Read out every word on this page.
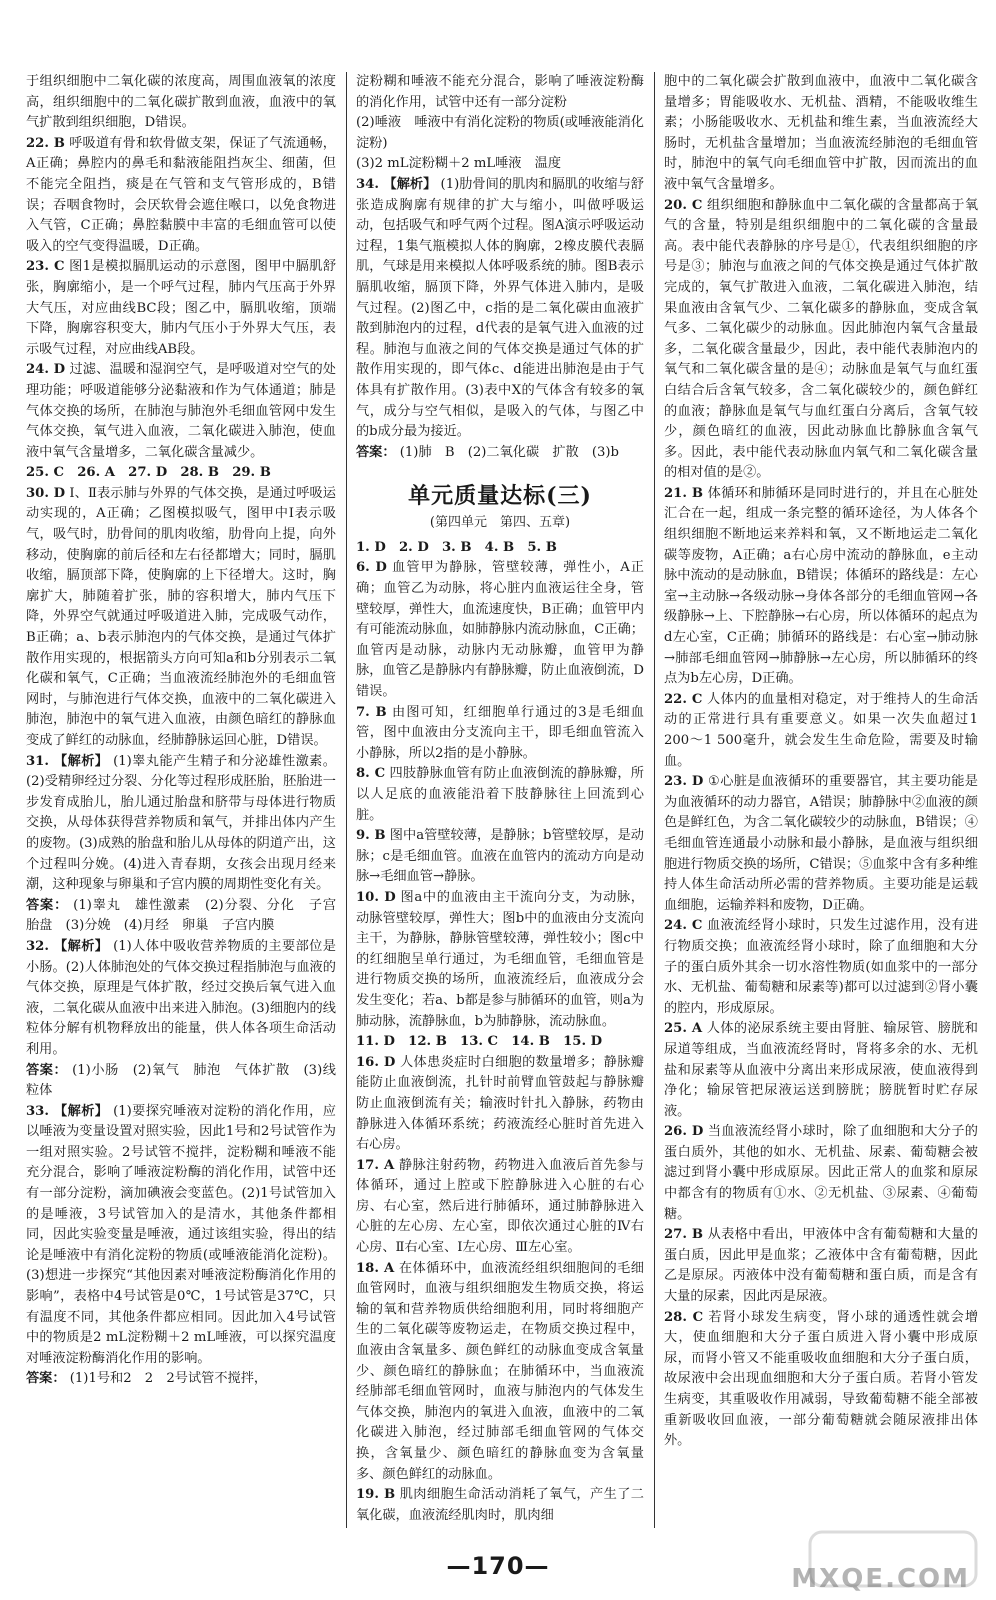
于组织细胞中二氧化碳的浓度高，周围血液氧的浓度高，组织细胞中的二氧化碳扩散到血液，血液中的氧气扩散到组织细胞，D错误。

22. B 呼吸道有骨和软骨做支架，保证了气流通畅，A正确；鼻腔内的鼻毛和黏液能阻挡灰尘、细菌，但不能完全阻挡，痰是在气管和支气管形成的，B错误；吞咽食物时，会厌软骨会遮住喉口，以免食物进入气管，C正确；鼻腔黏膜中丰富的毛细血管可以使吸入的空气变得温暖，D正确。

23. C 图1是模拟膈肌运动的示意图，图甲中膈肌舒张，胸廓缩小，是一个呼气过程，肺内气压高于外界大气压，对应曲线BC段；图乙中，膈肌收缩，顶端下降，胸廓容积变大，肺内气压小于外界大气压，表示吸气过程，对应曲线AB段。

24. D 过滤、温暖和湿润空气，是呼吸道对空气的处理功能；呼吸道能够分泌黏液和作为气体通道；肺是气体交换的场所，在肺泡与肺泡外毛细血管网中发生气体交换，氧气进入血液，二氧化碳进入肺泡，使血液中氧气含量增多，二氧化碳含量减少。

25. C　26. A　27. D　28. B　29. B

30. D Ⅰ、Ⅱ表示肺与外界的气体交换，是通过呼吸运动实现的，A正确；乙图模拟吸气，图甲中Ⅰ表示吸气，吸气时，肋骨间的肌肉收缩，肋骨向上提，向外移动，使胸廓的前后径和左右径都增大；同时，膈肌收缩，膈顶部下降，使胸廓的上下径增大。这时，胸廓扩大，肺随着扩张，肺的容积增大，肺内气压下降，外界空气就通过呼吸道进入肺，完成吸气动作，B正确；a、b表示肺泡内的气体交换，是通过气体扩散作用实现的，根据箭头方向可知a和b分别表示二氧化碳和氧气，C正确；当血液流经肺泡外的毛细血管网时，与肺泡进行气体交换，血液中的二氧化碳进入肺泡，肺泡中的氧气进入血液，由颜色暗红的静脉血变成了鲜红的动脉血，经肺静脉运回心脏，D错误。

31. 【解析】 (1)睾丸能产生精子和分泌雄性激素。(2)受精卵经过分裂、分化等过程形成胚胎，胚胎进一步发育成胎儿，胎儿通过胎盘和脐带与母体进行物质交换，从母体获得营养物质和氧气，并排出体内产生的废物。(3)成熟的胎盘和胎儿从母体的阴道产出，这个过程叫分娩。(4)进入青春期，女孩会出现月经来潮，这种现象与卵巢和子宫内膜的周期性变化有关。

答案： (1)睾丸　雄性激素　(2)分裂、分化　子宫　胎盘　(3)分娩　(4)月经　卵巢　子宫内膜

32. 【解析】 (1)人体中吸收营养物质的主要部位是小肠。(2)人体肺泡处的气体交换过程指肺泡与血液的气体交换，原理是气体扩散，经过交换后氧气进入血液，二氧化碳从血液中出来进入肺泡。(3)细胞内的线粒体分解有机物释放出的能量，供人体各项生命活动利用。

答案： (1)小肠　(2)氧气　肺泡　气体扩散　(3)线粒体

33. 【解析】 (1)要探究唾液对淀粉的消化作用，应以唾液为变量设置对照实验，因此1号和2号试管作为一组对照实验。2号试管不搅拌，淀粉糊和唾液不能充分混合，影响了唾液淀粉酶的消化作用，试管中还有一部分淀粉，滴加碘液会变蓝色。(2)1号试管加入的是唾液，3号试管加入的是清水，其他条件都相同，因此实验变量是唾液，通过该组实验，得出的结论是唾液中有消化淀粉的物质(或唾液能消化淀粉)。(3)想进一步探究“其他因素对唾液淀粉酶消化作用的影响”，表格中4号试管是0℃，1号试管是37℃，只有温度不同，其他条件都应相同。因此加入4号试管中的物质是2 mL淀粉糊＋2 mL唾液，可以探究温度对唾液淀粉酶消化作用的影响。

答案： (1)1号和2　2　2号试管不搅拌，

淀粉糊和唾液不能充分混合，影响了唾液淀粉酶的消化作用，试管中还有一部分淀粉

(2)唾液　唾液中有消化淀粉的物质(或唾液能消化淀粉)

(3)2 mL淀粉糊＋2 mL唾液　温度

34. 【解析】 (1)肋骨间的肌肉和膈肌的收缩与舒张造成胸廓有规律的扩大与缩小，叫做呼吸运动，包括吸气和呼气两个过程。图A演示呼吸运动过程，1集气瓶模拟人体的胸廓，2橡皮膜代表膈肌，气球是用来模拟人体呼吸系统的肺。图B表示膈肌收缩，膈顶下降，外界气体进入肺内，是吸气过程。(2)图乙中，c指的是二氧化碳由血液扩散到肺泡内的过程，d代表的是氧气进入血液的过程。肺泡与血液之间的气体交换是通过气体的扩散作用实现的，即气体c、d能进出肺泡是由于气体具有扩散作用。(3)表中X的气体含有较多的氧气，成分与空气相似，是吸入的气体，与图乙中的b成分最为接近。

答案： (1)肺　B　(2)二氧化碳　扩散　(3)b

单元质量达标(三)
(第四单元　第四、五章)

1. D　2. D　3. B　4. B　5. B

6. D 血管甲为静脉，管壁较薄，弹性小，A正确；血管乙为动脉，将心脏内血液运往全身，管壁较厚，弹性大，血流速度快，B正确；血管甲内有可能流动脉血，如肺静脉内流动脉血，C正确；血管丙是动脉，动脉内无动脉瓣，血管甲为静脉，血管乙是静脉内有静脉瓣，防止血液倒流，D错误。

7. B 由图可知，红细胞单行通过的3是毛细血管，图中血液由分支流向主干，即毛细血管流入小静脉，所以2指的是小静脉。

8. C 四肢静脉血管有防止血液倒流的静脉瓣，所以人足底的血液能沿着下肢静脉往上回流到心脏。

9. B 图中a管壁较薄，是静脉；b管壁较厚，是动脉；c是毛细血管。血液在血管内的流动方向是动脉→毛细血管→静脉。

10. D 图a中的血液由主干流向分支，为动脉，动脉管壁较厚，弹性大；图b中的血液由分支流向主干，为静脉，静脉管壁较薄，弹性较小；图c中的红细胞呈单行通过，为毛细血管，毛细血管是进行物质交换的场所，血液流经后，血液成分会发生变化；若a、b都是参与肺循环的血管，则a为肺动脉，流静脉血，b为肺静脉，流动脉血。

11. D　12. B　13. C　14. B　15. D

16. D 人体患炎症时白细胞的数量增多；静脉瓣能防止血液倒流，扎针时前臂血管鼓起与静脉瓣防止血液倒流有关；输液时针扎入静脉，药物由静脉进入体循环系统；药液流经心脏时首先进入右心房。

17. A 静脉注射药物，药物进入血液后首先参与体循环，通过上腔或下腔静脉进入心脏的右心房、右心室，然后进行肺循环，通过肺静脉进入心脏的左心房、左心室，即依次通过心脏的Ⅳ右心房、Ⅱ右心室、Ⅰ左心房、Ⅲ左心室。

18. A 在体循环中，血液流经组织细胞间的毛细血管网时，血液与组织细胞发生物质交换，将运输的氧和营养物质供给细胞利用，同时将细胞产生的二氧化碳等废物运走，在物质交换过程中，血液由含氧量多、颜色鲜红的动脉血变成含氧量少、颜色暗红的静脉血；在肺循环中，当血液流经肺部毛细血管网时，血液与肺泡内的气体发生气体交换，肺泡内的氧进入血液，血液中的二氧化碳进入肺泡，经过肺部毛细血管网的气体交换，含氧量少、颜色暗红的静脉血变为含氧量多、颜色鲜红的动脉血。

19. B 肌肉细胞生命活动消耗了氧气，产生了二氧化碳，血液流经肌肉时，肌肉细

胞中的二氧化碳会扩散到血液中，血液中二氧化碳含量增多；胃能吸收水、无机盐、酒精，不能吸收维生素；小肠能吸收水、无机盐和维生素，当血液流经大肠时，无机盐含量增加；当血液流经肺泡的毛细血管时，肺泡中的氧气向毛细血管中扩散，因而流出的血液中氧气含量增多。

20. C 组织细胞和静脉血中二氧化碳的含量都高于氧气的含量，特别是组织细胞中的二氧化碳的含量最高。表中能代表静脉的序号是①，代表组织细胞的序号是③；肺泡与血液之间的气体交换是通过气体扩散完成的，氧气扩散进入血液，二氧化碳进入肺泡，结果血液由含氧气少、二氧化碳多的静脉血，变成含氧气多、二氧化碳少的动脉血。因此肺泡内氧气含量最多，二氧化碳含量最少，因此，表中能代表肺泡内的氧气和二氧化碳含量的是④；动脉血是氧气与血红蛋白结合后含氧气较多，含二氧化碳较少的，颜色鲜红的血液；静脉血是氧气与血红蛋白分离后，含氧气较少，颜色暗红的血液，因此动脉血比静脉血含氧气多。因此，表中能代表动脉血内氧气和二氧化碳含量的相对值的是②。

21. B 体循环和肺循环是同时进行的，并且在心脏处汇合在一起，组成一条完整的循环途径，为人体各个组织细胞不断地运来养料和氧，又不断地运走二氧化碳等废物，A正确；a右心房中流动的静脉血，e主动脉中流动的是动脉血，B错误；体循环的路线是：左心室→主动脉→各级动脉→身体各部分的毛细血管网→各级静脉→上、下腔静脉→右心房，所以体循环的起点为d左心室，C正确；肺循环的路线是：右心室→肺动脉→肺部毛细血管网→肺静脉→左心房，所以肺循环的终点为b左心房，D正确。

22. C 人体内的血量相对稳定，对于维持人的生命活动的正常进行具有重要意义。如果一次失血超过1 200～1 500毫升，就会发生生命危险，需要及时输血。

23. D ①心脏是血液循环的重要器官，其主要功能是为血液循环的动力器官，A错误；肺静脉中②血液的颜色是鲜红色，为含二氧化碳较少的动脉血，B错误；④毛细血管连通最小动脉和最小静脉，是血液与组织细胞进行物质交换的场所，C错误；⑤血浆中含有多种维持人体生命活动所必需的营养物质。主要功能是运载血细胞，运输养料和废物，D正确。

24. C 血液流经肾小球时，只发生过滤作用，没有进行物质交换；血液流经肾小球时，除了血细胞和大分子的蛋白质外其余一切水溶性物质(如血浆中的一部分水、无机盐、葡萄糖和尿素等)都可以过滤到②肾小囊的腔内，形成原尿。

25. A 人体的泌尿系统主要由肾脏、输尿管、膀胱和尿道等组成，当血液流经肾时，肾将多余的水、无机盐和尿素等从血液中分离出来形成尿液，使血液得到净化；输尿管把尿液运送到膀胱；膀胱暂时贮存尿液。

26. D 当血液流经肾小球时，除了血细胞和大分子的蛋白质外，其他的如水、无机盐、尿素、葡萄糖会被滤过到肾小囊中形成原尿。因此正常人的血浆和原尿中都含有的物质有①水、②无机盐、③尿素、④葡萄糖。

27. B 从表格中看出，甲液体中含有葡萄糖和大量的蛋白质，因此甲是血浆；乙液体中含有葡萄糖，因此乙是原尿。丙液体中没有葡萄糖和蛋白质，而是含有大量的尿素，因此丙是尿液。

28. C 若肾小球发生病变，肾小球的通透性就会增大，使血细胞和大分子蛋白质进入肾小囊中形成原尿，而肾小管又不能重吸收血细胞和大分子蛋白质，故尿液中会出现血细胞和大分子蛋白质。若肾小管发生病变，其重吸收作用减弱，导致葡萄糖不能全部被重新吸收回血液，一部分葡萄糖就会随尿液排出体外。

—170—	MXQE.COM
